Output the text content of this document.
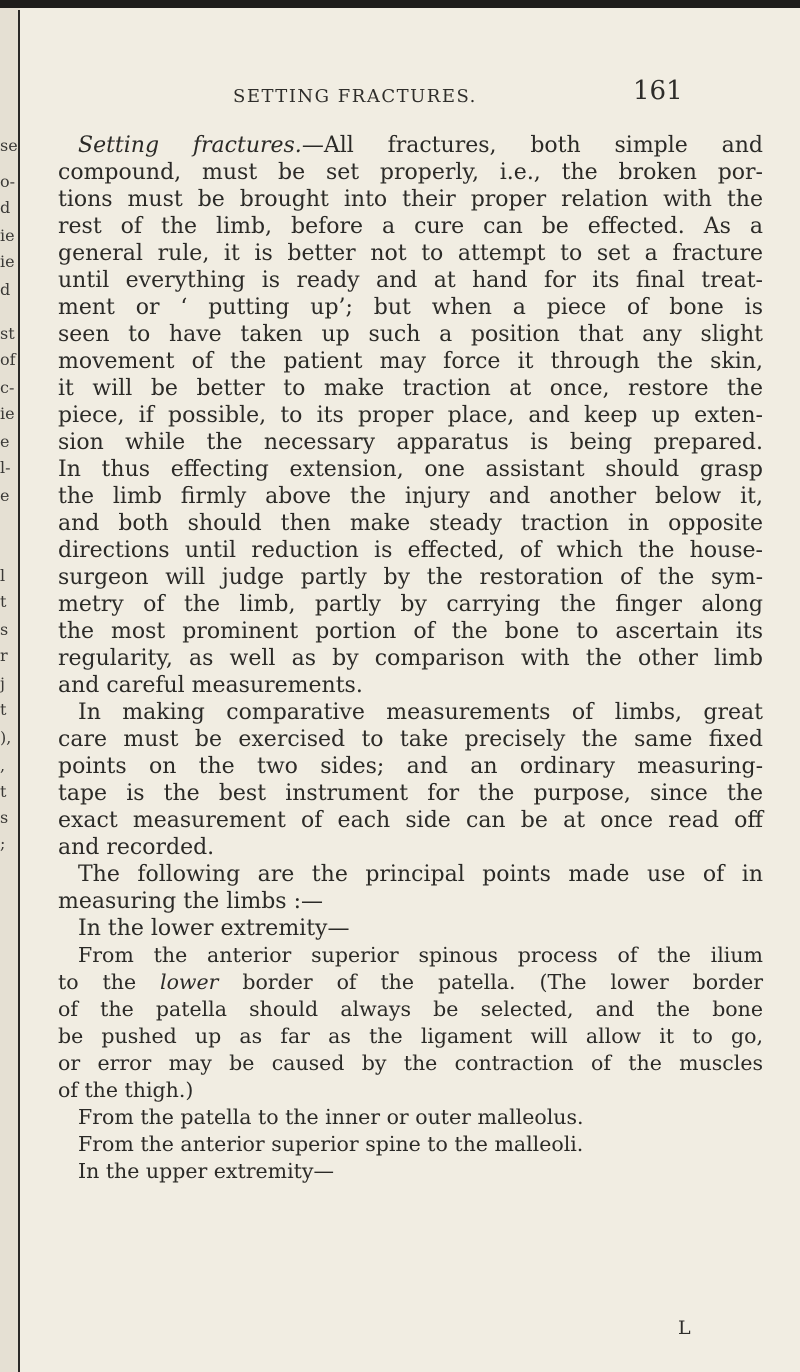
se
o-
d
ie
ie
d
st
of
c-
ie
e
l-
e
l
t
s
r
j
t
),
,
t
s
;
SETTING FRACTURES.	161
Setting fractures.—All fractures, both simple and
compound, must be set properly, i.e., the broken por-
tions must be brought into their proper relation with the
rest of the limb, before a cure can be effected. As a
general rule, it is better not to attempt to set a fracture
until everything is ready and at hand for its final treat-
ment or ‘ putting up’; but when a piece of bone is
seen to have taken up such a position that any slight
movement of the patient may force it through the skin,
it will be better to make traction at once, restore the
piece, if possible, to its proper place, and keep up exten-
sion while the necessary apparatus is being prepared.
In thus effecting extension, one assistant should grasp
the limb firmly above the injury and another below it,
and both should then make steady traction in opposite
directions until reduction is effected, of which the house-
surgeon will judge partly by the restoration of the sym-
metry of the limb, partly by carrying the finger along
the most prominent portion of the bone to ascertain its
regularity, as well as by comparison with the other limb
and careful measurements.
In making comparative measurements of limbs, great
care must be exercised to take precisely the same fixed
points on the two sides; and an ordinary measuring-
tape is the best instrument for the purpose, since the
exact measurement of each side can be at once read off
and recorded.
The following are the principal points made use of in
measuring the limbs :—
In the lower extremity—
From the anterior superior spinous process of the ilium
to the lower border of the patella. (The lower border
of the patella should always be selected, and the bone
be pushed up as far as the ligament will allow it to go,
or error may be caused by the contraction of the muscles
of the thigh.)
From the patella to the inner or outer malleolus.
From the anterior superior spine to the malleoli.
In the upper extremity—
L
